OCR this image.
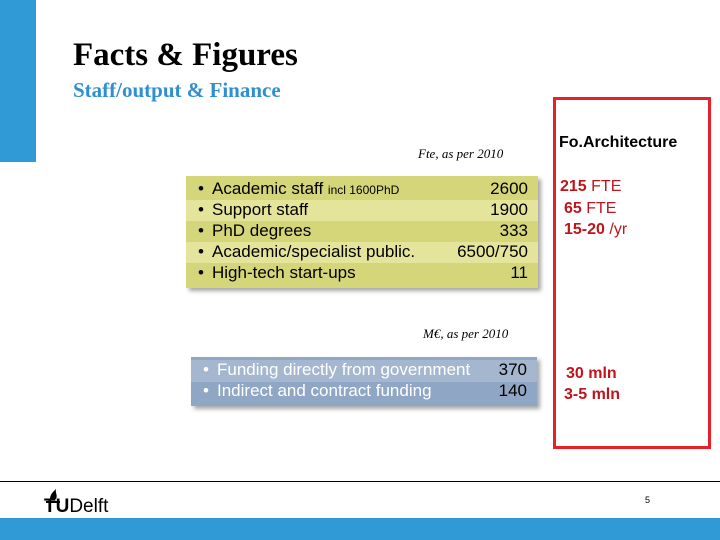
Facts & Figures
Staff/output & Finance
Fte, as per 2010
• Academic staff incl 1600PhD	2600
• Support staff	1900
• PhD degrees	333
• Academic/specialist public. 6500/750
• High-tech start-ups	11
M€, as per 2010
• Funding directly from government 370
• Indirect and contract funding	140
Fo.Architecture
215 FTE
65 FTE
15-20 /yr
30 mln
3-5 mln
TUDelft	5
